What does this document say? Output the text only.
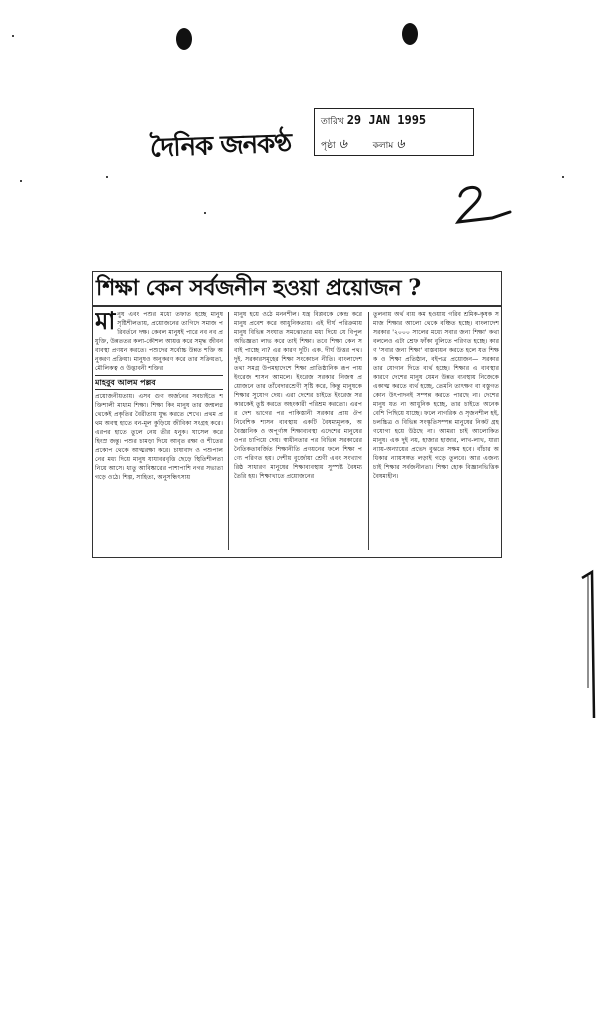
দৈনিক জনকণ্ঠ
তারিখ 29 JAN 1995
পৃষ্ঠা ৬	কলাম ৬
শিক্ষা কেন সর্বজনীন হওয়া প্রয়োজন ?
মা নুষ এবং পশুর মধ্যে তফাত হচ্ছে মানুষ সৃষ্টিশীলতায়, প্রয়োজনের তাগিদে সমাজ পরিবর্তনে দক্ষ। কেবল মানুষই পারে নব নব প্রযুক্তি, উন্নততর কলা-কৌশল আয়ত্ত করে সমৃদ্ধ জীবন ব্যবস্থা প্রণয়ন করতে। পশুদের সর্বোচ্চ উন্নত শক্তি অনুকরণ প্রক্রিয়া। মানুষও অনুকরণ করে তার সক্রিয়তা, মৌলিকত্ব ও উদ্ভাবনী শক্তির
মাহবুব আলম পল্লব
প্রয়োজনীয়তায়। এসব গুণ অর্জনের সবচাইতে শক্তিশালী মাধ্যম শিক্ষা। শিক্ষা কিং মানুষ তার জন্মলগ্ন থেকেই প্রকৃতির বৈরীতায় যুদ্ধ করতে শেখে। প্রথম প্রথম অবস্থ হাতে বন-মূল কুড়িয়ে জীবিকা সংগ্রহ করে। এরপর হাতে তুলে নেয় তীর ধনুক। ঘাসেল করে হিংস্র জন্তু। পশুর চামড়া দিয়ে আবৃত রক্ষা ও শীতের প্রকোপ থেকে আত্মরক্ষা করে। চাষাবাদ ও পশুপালনের মধ্য দিয়ে মানুষ যাযাবরবৃত্তি ছেড়ে স্থিতিশীলতা নিয়ে আসে। ধাতু আবিষ্কারের পাশাপাশি নগর সভ্যতা গড়ে ওঠে। শিল্প, সাহিত্য, অনুসন্ধিৎসায়
মানুষ হয়ে ওঠে মননশীল। যন্ত্র বিপ্লবকে কেন্দ্র করে মানুষ প্রবেশ করে আধুনিকতায়। এই দীর্ঘ পরিক্রমায় মানুষ বিভিন্ন সংঘাত সমঝোতার মধ্য দিয়ে যে বিপুল অভিজ্ঞতা লাভ করে তাই শিক্ষা। তবে শিক্ষা কেন সবাই পাচ্ছে না? এর কারণ দুটি। এক. দীর্ঘ উত্তর পথ। দুই. সরকারসমূহের শিক্ষা সংকোচন নীতি। বাংলাদেশ তথা সমগ্র উপমহাদেশে শিক্ষা প্রাতিষ্ঠানিক রূপ পায় ইংরেজ শাসন আমলে। ইংরেজ সরকার নিজস্ব প্রয়োজনে তার তাঁবেদারশ্রেণী সৃষ্টি করে, কিন্তু মানুষকে শিক্ষার সুযোগ দেয়। এরা দেশের চাইতে ইংরেজ সরকারকেই তুষ্ট করতে অহংকারী পরিশ্রম করতো। এরপর দেশ ভাগের পর পাকিস্তানী সরকার প্রায় ঔপনিবেশিক শাসন ব্যবস্থায় একটি বৈষম্যমূলক, অবৈজ্ঞানিক ও অপূর্ণাঙ্গ শিক্ষাব্যবস্থা এদেশের মানুষের ওপর চাপিয়ে দেয়। স্বাধীনতার পর বিভিন্ন সরকারের নৈতিকতাবর্জিত শিক্ষানীতি প্রণয়নের ফলে শিক্ষা পণ্যে পরিণত হয়। দেশীয় বুর্জোয়া শ্রেণী এবং সংখ্যাগরিষ্ঠ সাধারণ মানুষের শিক্ষাব্যবস্থায় সুস্পষ্ট বৈষম্য তৈরি হয়। শিক্ষাখাতে প্রয়োজনের
তুলনায় অর্থ ব্যয় কম হওয়ায় গরিব শ্রমিক-কৃষক সমাজ শিক্ষার আলো থেকে বঞ্চিত হচ্ছে। বাংলাদেশ সরকার '২০০০ সালের মধ্যে সবার জন্য শিক্ষা' কথা বললেও এটা শ্রেফ ফাঁকা বুলিতে পরিণত হচ্ছে। কারণ 'সবার জন্য শিক্ষা' বাস্তবায়ন করতে হলে যত শিক্ষক ও শিক্ষা প্রতিষ্ঠান, বইপত্র প্রয়োজন— সরকার তার যোগান দিতে ব্যর্থ হচ্ছে। শিক্ষার এ ব্যবস্থার কারণে দেশের মানুষ যেমন উন্নত ব্যবস্থায় নিজেকে একাত্ম করতে ব্যর্থ হচ্ছে, তেমনি তাৎক্ষণ বা বস্তুগত কোন উৎপাদনই সম্পন্ন করতে পারছে না। দেশের মানুষ যত না আধুনিক হচ্ছে, তার চাইতে অনেক বেশি পিছিয়ে যাচ্ছে। ফলে নাগরিক ও সৃজনশীল হই, চলচ্চিত্র ও বিভিন্ন সংস্কৃতিসম্পন্ন মানুষের নিকট গ্রহণযোগ্য হয়ে উঠছে না। আমরা চাই আলোকিত মানুষ। এক দুই নয়, হাজার হাজার, লাখ-লাখ, যারা ন্যায়-অন্যায়ের প্রভেদ বুঝতে সক্ষম হবে। বাঁচার অধিকার ন্যায়সঙ্গত লড়াই গড়ে তুলবে। আর এজন্য চাই শিক্ষার সর্বজনীনতা। শিক্ষা হোক বিজ্ঞানভিত্তিক বৈষম্যহীন।
